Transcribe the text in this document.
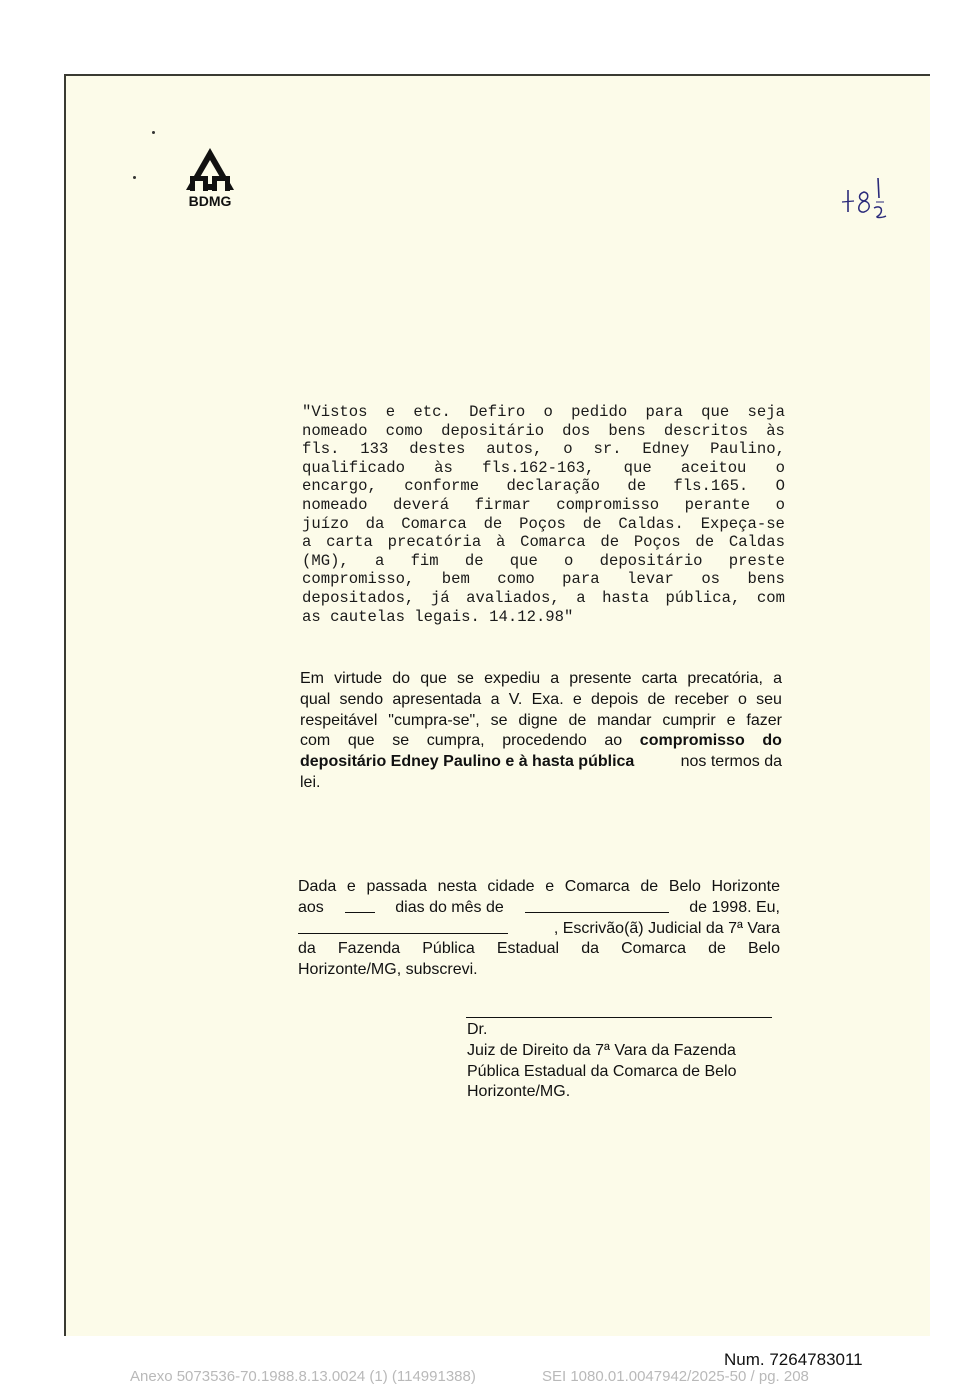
BDMG
"Vistos e etc. Defiro o pedido para que seja
nomeado como depositário dos bens descritos às
fls. 133 destes autos, o sr. Edney Paulino,
qualificado às fls.162-163, que aceitou o
encargo, conforme declaração de fls.165. O
nomeado deverá firmar compromisso perante o
juízo da Comarca de Poços de Caldas. Expeça-se
a carta precatória à Comarca de Poços de Caldas
(MG), a fim de que o depositário preste
compromisso, bem como para levar os bens
depositados, já avaliados, a hasta pública, com
as cautelas legais. 14.12.98"
Em virtude do que se expediu a presente carta precatória, a
qual sendo apresentada a V. Exa. e depois de receber o seu
respeitável "cumpra-se", se digne de mandar cumprir e fazer
com que se cumpra, procedendo ao compromisso do
depositário Edney Paulino e à hasta pública	nos termos da
lei.
Dada e passada nesta cidade e Comarca de Belo Horizonte
aos	dias do mês de	de 1998. Eu,
, Escrivão(ã) Judicial da 7ª Vara
da Fazenda Pública Estadual da Comarca de Belo
Horizonte/MG, subscrevi.
Dr.
Juiz de Direito da 7ª Vara da Fazenda
Pública Estadual da Comarca de Belo
Horizonte/MG.
Num. 7264783011
Anexo 5073536-70.1988.8.13.0024 (1) (114991388)	SEI 1080.01.0047942/2025-50 / pg. 208
